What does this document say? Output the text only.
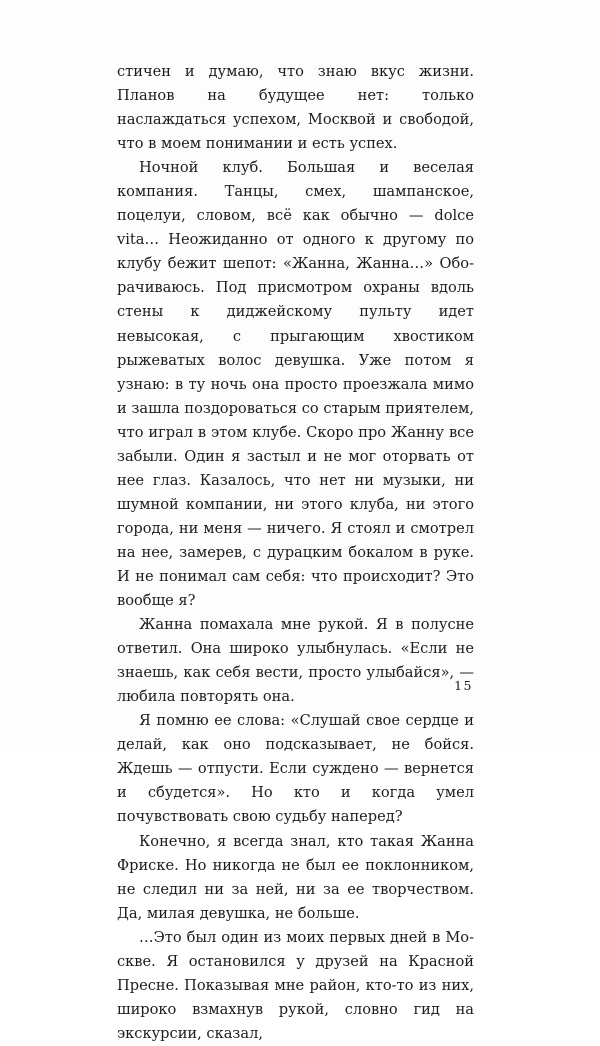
стичен и думаю, что знаю вкус жизни. Планов на будущее нет: только наслаждаться успехом, Москвой и свободой, что в моем понимании и есть успех.

Ночной клуб. Большая и веселая компания. Танцы, смех, шампанское, поцелуи, словом, всё как обычно — dolce vita… Неожиданно от одного к другому по клубу бежит шепот: «Жанна, Жанна…» Оборачиваюсь. Под присмотром охраны вдоль стены к диджейскому пульту идет невысокая, с прыгающим хвостиком рыжеватых волос девушка. Уже потом я узнаю: в ту ночь она просто проезжала мимо и зашла поздороваться со старым приятелем, что играл в этом клубе. Скоро про Жанну все забыли. Один я застыл и не мог оторвать от нее глаз. Казалось, что нет ни музыки, ни шумной компании, ни этого клуба, ни этого города, ни меня — ничего. Я стоял и смотрел на нее, замерев, с дурацким бокалом в руке. И не понимал сам себя: что происходит? Это вообще я?

Жанна помахала мне рукой. Я в полусне ответил. Она широко улыбнулась. «Если не знаешь, как себя вести, просто улыбайся», — любила повторять она.

Я помню ее слова: «Слушай свое сердце и делай, как оно подсказывает, не бойся. Ждешь — отпусти. Если суждено — вернется и сбудется». Но кто и когда умел почувствовать свою судьбу наперед?

Конечно, я всегда знал, кто такая Жанна Фриске. Но никогда не был ее поклонником, не следил ни за ней, ни за ее творчеством. Да, милая девушка, не больше.

…Это был один из моих первых дней в Москве. Я остановился у друзей на Красной Пресне. Показывая мне район, кто-то из них, широко взмахнув рукой, словно гид на экскурсии, сказал,

15
